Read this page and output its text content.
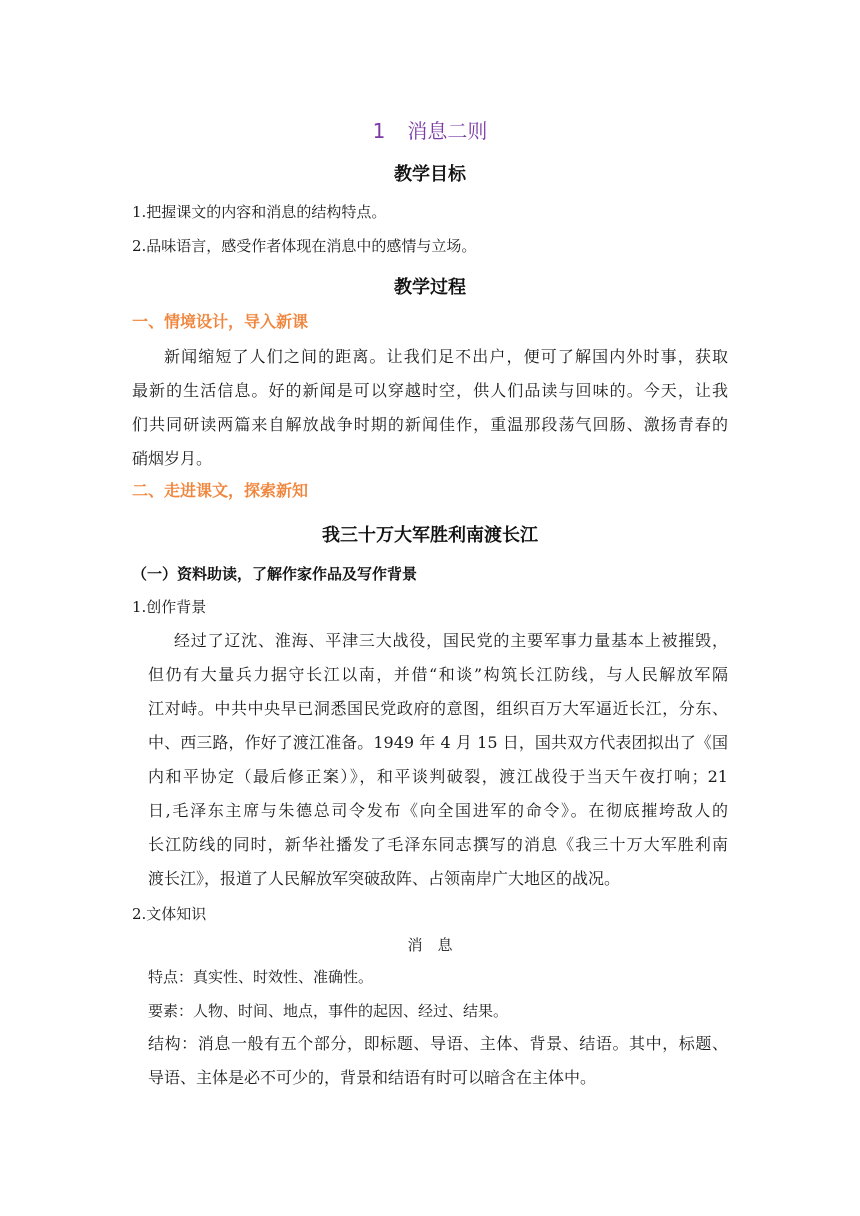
1 消息二则
教学目标
1.把握课文的内容和消息的结构特点。
2.品味语言，感受作者体现在消息中的感情与立场。
教学过程
一、情境设计，导入新课
新闻缩短了人们之间的距离。让我们足不出户，便可了解国内外时事，获取
最新的生活信息。好的新闻是可以穿越时空，供人们品读与回味的。今天，让我
们共同研读两篇来自解放战争时期的新闻佳作，重温那段荡气回肠、激扬青春的
硝烟岁月。
二、走进课文，探索新知
我三十万大军胜利南渡长江
（一）资料助读，了解作家作品及写作背景
1.创作背景
经过了辽沈、淮海、平津三大战役，国民党的主要军事力量基本上被摧毁，
但仍有大量兵力据守长江以南，并借“和谈”构筑长江防线，与人民解放军隔
江对峙。中共中央早已洞悉国民党政府的意图，组织百万大军逼近长江，分东、
中、西三路，作好了渡江准备。1949 年 4 月 15 日，国共双方代表团拟出了《国
内和平协定（最后修正案）》，和平谈判破裂，渡江战役于当天午夜打响；21
日,毛泽东主席与朱德总司令发布《向全国进军的命令》。在彻底摧垮敌人的
长江防线的同时，新华社播发了毛泽东同志撰写的消息《我三十万大军胜利南
渡长江》，报道了人民解放军突破敌阵、占领南岸广大地区的战况。
2.文体知识
消　息
特点：真实性、时效性、准确性。
要素：人物、时间、地点，事件的起因、经过、结果。
结构：消息一般有五个部分，即标题、导语、主体、背景、结语。其中，标题、
导语、主体是必不可少的，背景和结语有时可以暗含在主体中。
